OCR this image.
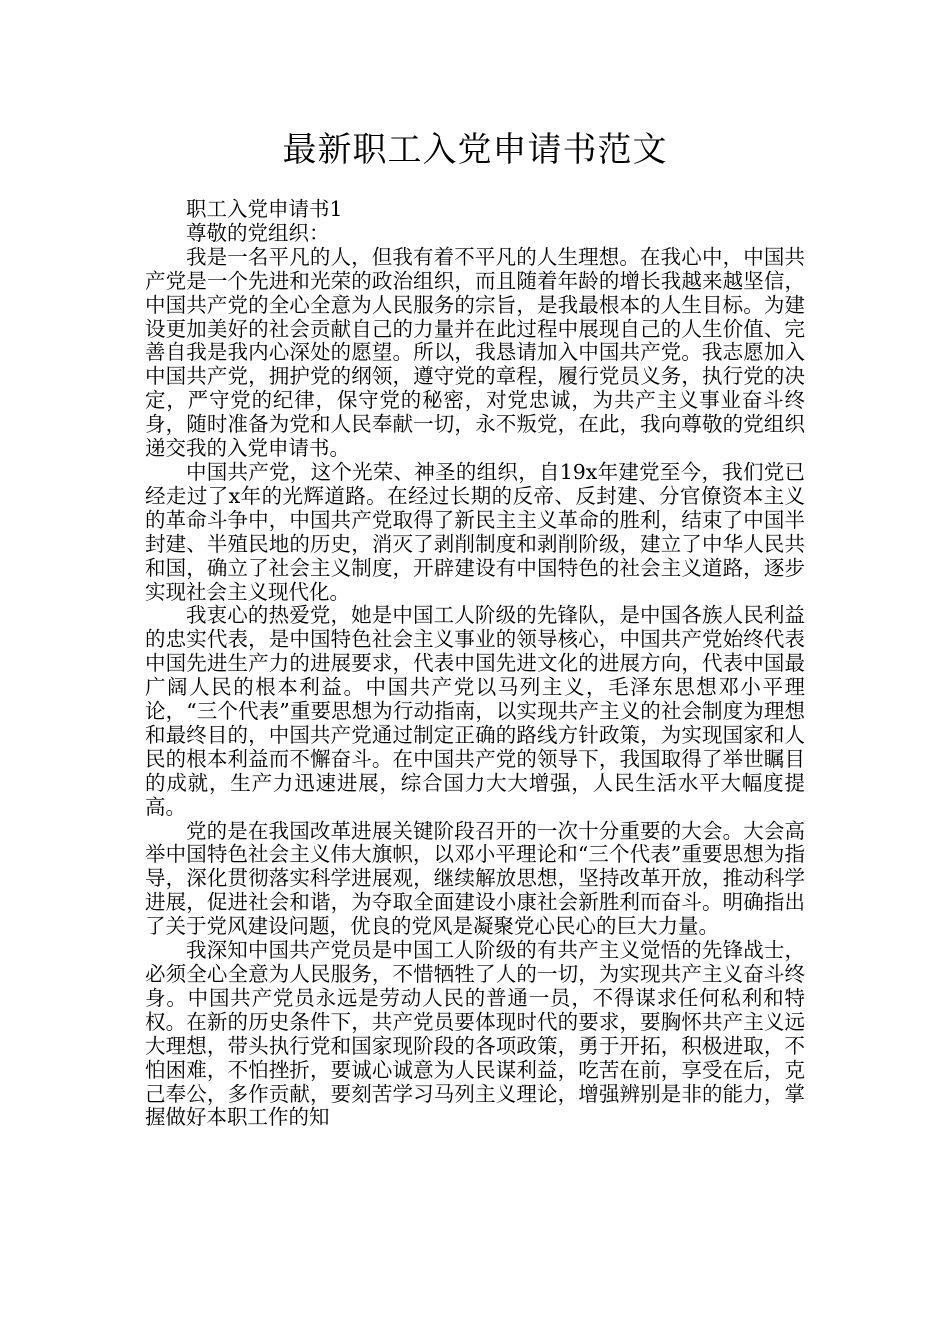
最新职工入党申请书范文

职工入党申请书1

尊敬的党组织：

我是一名平凡的人，但我有着不平凡的人生理想。在我心中，中国共产党是一个先进和光荣的政治组织，而且随着年龄的增长我越来越坚信，中国共产党的全心全意为人民服务的宗旨，是我最根本的人生目标。为建设更加美好的社会贡献自己的力量并在此过程中展现自己的人生价值、完善自我是我内心深处的愿望。所以，我恳请加入中国共产党。我志愿加入中国共产党，拥护党的纲领，遵守党的章程，履行党员义务，执行党的决定，严守党的纪律，保守党的秘密，对党忠诚，为共产主义事业奋斗终身，随时准备为党和人民奉献一切，永不叛党，在此，我向尊敬的党组织递交我的入党申请书。

中国共产党，这个光荣、神圣的组织，自19x年建党至今，我们党已经走过了x年的光辉道路。在经过长期的反帝、反封建、分官僚资本主义的革命斗争中，中国共产党取得了新民主主义革命的胜利，结束了中国半封建、半殖民地的历史，消灭了剥削制度和剥削阶级，建立了中华人民共和国，确立了社会主义制度，开辟建设有中国特色的社会主义道路，逐步实现社会主义现代化。

我衷心的热爱党，她是中国工人阶级的先锋队，是中国各族人民利益的忠实代表，是中国特色社会主义事业的领导核心，中国共产党始终代表中国先进生产力的进展要求，代表中国先进文化的进展方向，代表中国最广阔人民的根本利益。中国共产党以马列主义，毛泽东思想邓小平理论，“三个代表”重要思想为行动指南，以实现共产主义的社会制度为理想和最终目的，中国共产党通过制定正确的路线方针政策，为实现国家和人民的根本利益而不懈奋斗。在中国共产党的领导下，我国取得了举世瞩目的成就，生产力迅速进展，综合国力大大增强，人民生活水平大幅度提高。

党的是在我国改革进展关键阶段召开的一次十分重要的大会。大会高举中国特色社会主义伟大旗帜，以邓小平理论和“三个代表”重要思想为指导，深化贯彻落实科学进展观，继续解放思想，坚持改革开放，推动科学进展，促进社会和谐，为夺取全面建设小康社会新胜利而奋斗。明确指出了关于党风建设问题，优良的党风是凝聚党心民心的巨大力量。

我深知中国共产党员是中国工人阶级的有共产主义觉悟的先锋战士，必须全心全意为人民服务，不惜牺牲了人的一切，为实现共产主义奋斗终身。中国共产党员永远是劳动人民的普通一员，不得谋求任何私利和特权。在新的历史条件下，共产党员要体现时代的要求，要胸怀共产主义远大理想，带头执行党和国家现阶段的各项政策，勇于开拓，积极进取，不怕困难，不怕挫折，要诚心诚意为人民谋利益，吃苦在前，享受在后，克己奉公，多作贡献，要刻苦学习马列主义理论，增强辨别是非的能力，掌握做好本职工作的知
